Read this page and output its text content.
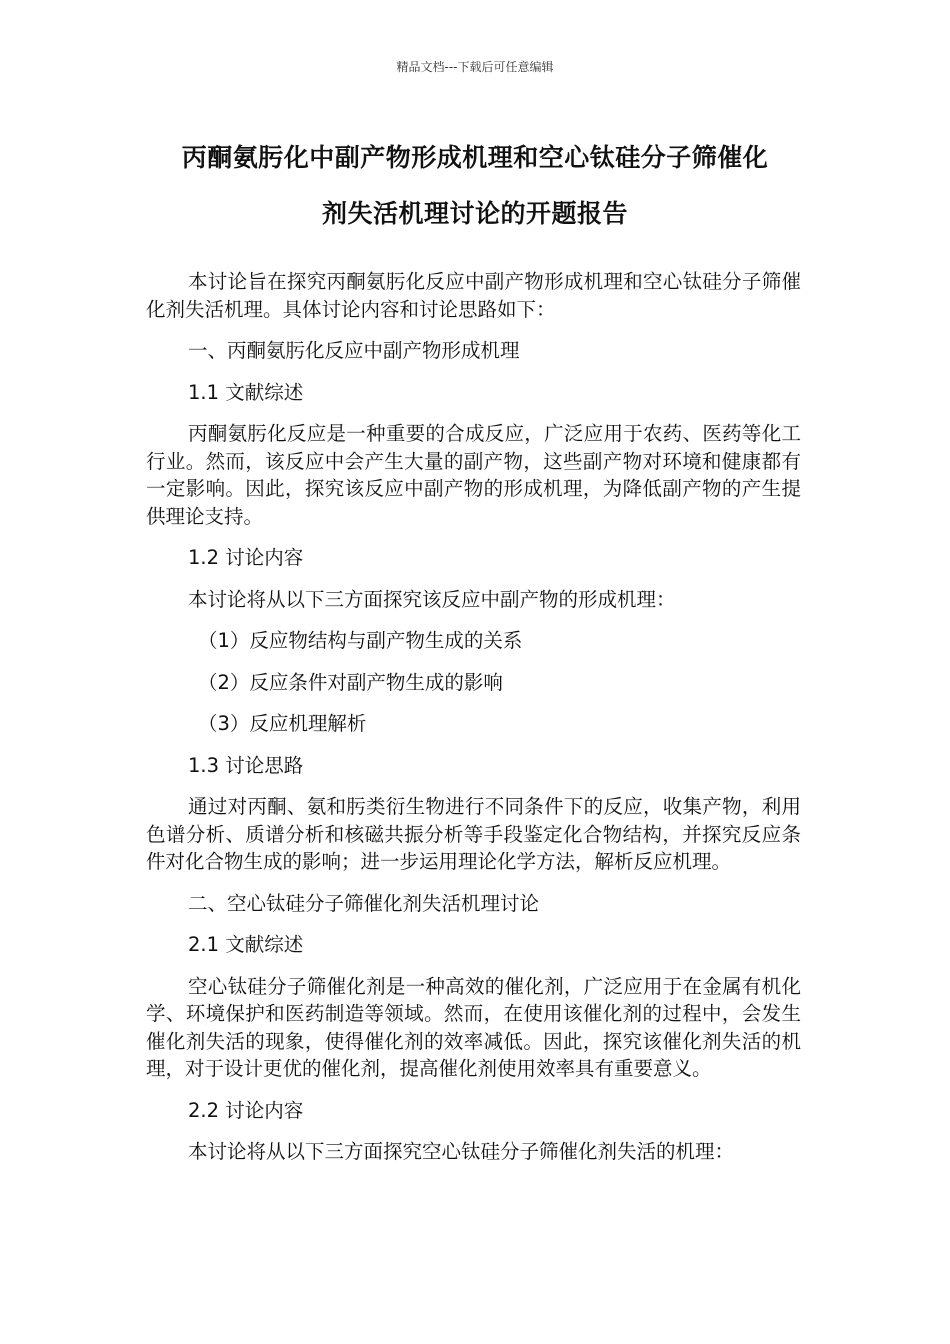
精品文档---下载后可任意编辑
丙酮氨肟化中副产物形成机理和空心钛硅分子筛催化
剂失活机理讨论的开题报告

本讨论旨在探究丙酮氨肟化反应中副产物形成机理和空心钛硅分子筛催化剂失活机理。具体讨论内容和讨论思路如下：

一、丙酮氨肟化反应中副产物形成机理
1.1 文献综述

丙酮氨肟化反应是一种重要的合成反应，广泛应用于农药、医药等化工行业。然而，该反应中会产生大量的副产物，这些副产物对环境和健康都有一定影响。因此，探究该反应中副产物的形成机理，为降低副产物的产生提供理论支持。

1.2 讨论内容

本讨论将从以下三方面探究该反应中副产物的形成机理：

（1）反应物结构与副产物生成的关系
（2）反应条件对副产物生成的影响
（3）反应机理解析
1.3 讨论思路

通过对丙酮、氨和肟类衍生物进行不同条件下的反应，收集产物，利用色谱分析、质谱分析和核磁共振分析等手段鉴定化合物结构，并探究反应条件对化合物生成的影响；进一步运用理论化学方法，解析反应机理。

二、空心钛硅分子筛催化剂失活机理讨论
2.1 文献综述

空心钛硅分子筛催化剂是一种高效的催化剂，广泛应用于在金属有机化学、环境保护和医药制造等领域。然而，在使用该催化剂的过程中，会发生催化剂失活的现象，使得催化剂的效率减低。因此，探究该催化剂失活的机理，对于设计更优的催化剂，提高催化剂使用效率具有重要意义。

2.2 讨论内容

本讨论将从以下三方面探究空心钛硅分子筛催化剂失活的机理：
